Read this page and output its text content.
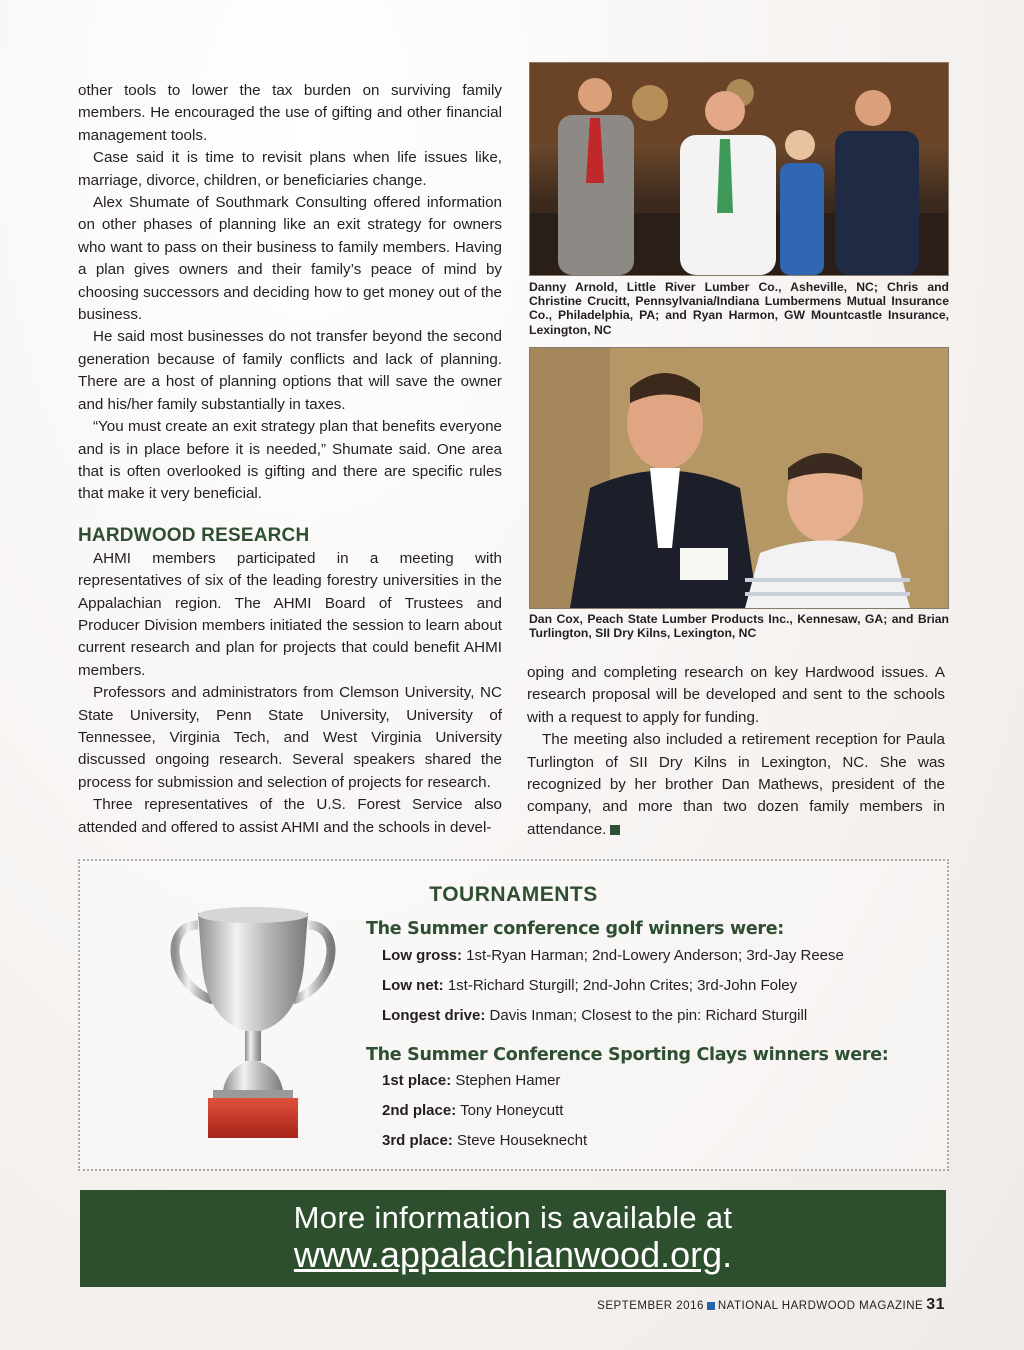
other tools to lower the tax burden on surviving family members. He encouraged the use of gifting and other financial management tools.

Case said it is time to revisit plans when life issues like, marriage, divorce, children, or beneficiaries change.

Alex Shumate of Southmark Consulting offered information on other phases of planning like an exit strategy for owners who want to pass on their business to family members. Having a plan gives owners and their family’s peace of mind by choosing successors and deciding how to get money out of the business.

He said most businesses do not transfer beyond the second generation because of family conflicts and lack of planning. There are a host of planning options that will save the owner and his/her family substantially in taxes.

“You must create an exit strategy plan that benefits everyone and is in place before it is needed,” Shumate said. One area that is often overlooked is gifting and there are specific rules that make it very beneficial.

HARDWOOD RESEARCH

AHMI members participated in a meeting with representatives of six of the leading forestry universities in the Appalachian region. The AHMI Board of Trustees and Producer Division members initiated the session to learn about current research and plan for projects that could benefit AHMI members.

Professors and administrators from Clemson University, NC State University, Penn State University, University of Tennessee, Virginia Tech, and West Virginia University discussed ongoing research. Several speakers shared the process for submission and selection of projects for research.

Three representatives of the U.S. Forest Service also attended and offered to assist AHMI and the schools in devel-

Danny Arnold, Little River Lumber Co., Asheville, NC; Chris and Christine Crucitt, Pennsylvania/Indiana Lumbermens Mutual Insurance Co., Philadelphia, PA; and Ryan Harmon, GW Mountcastle Insurance, Lexington, NC
Dan Cox, Peach State Lumber Products Inc., Kennesaw, GA; and Brian Turlington, SII Dry Kilns, Lexington, NC

oping and completing research on key Hardwood issues. A research proposal will be developed and sent to the schools with a request to apply for funding.

The meeting also included a retirement reception for Paula Turlington of SII Dry Kilns in Lexington, NC. She was recognized by her brother Dan Mathews, president of the company, and more than two dozen family members in attendance.

TOURNAMENTS
The Summer conference golf winners were:
Low gross: 1st-Ryan Harman; 2nd-Lowery Anderson; 3rd-Jay Reese
Low net: 1st-Richard Sturgill; 2nd-John Crites; 3rd-John Foley
Longest drive: Davis Inman; Closest to the pin: Richard Sturgill
The Summer Conference Sporting Clays winners were:
1st place: Stephen Hamer
2nd place: Tony Honeycutt
3rd place: Steve Houseknecht
More information is available at
www.appalachianwood.org.
SEPTEMBER 2016 NATIONAL HARDWOOD MAGAZINE 31
